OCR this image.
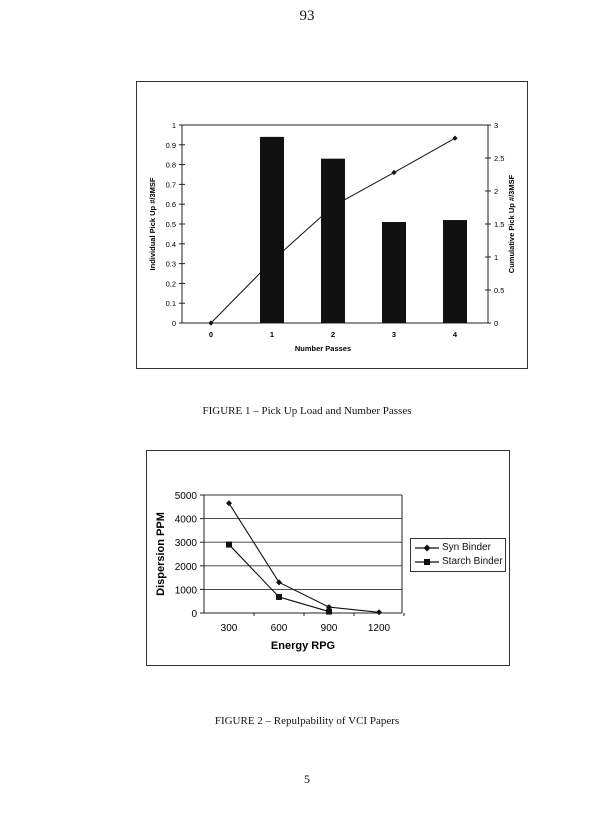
93
0
0.1
0.2
0.3
0.4
0.5
0.6
0.7
0.8
0.9
1
0
0.5
1
1.5
2
2.5
3
0	1	2	3	4
Number Passes
Individual Pick Up #/3MSF	Cumulative Pick Up #/3MSF
FIGURE 1 – Pick Up Load and Number Passes
0
1000
2000
3000
4000
5000
300	600	900	1200
Energy RPG
Dispersion PPM	Syn Binder
Starch Binder
FIGURE 2 – Repulpability of VCI Papers
5
